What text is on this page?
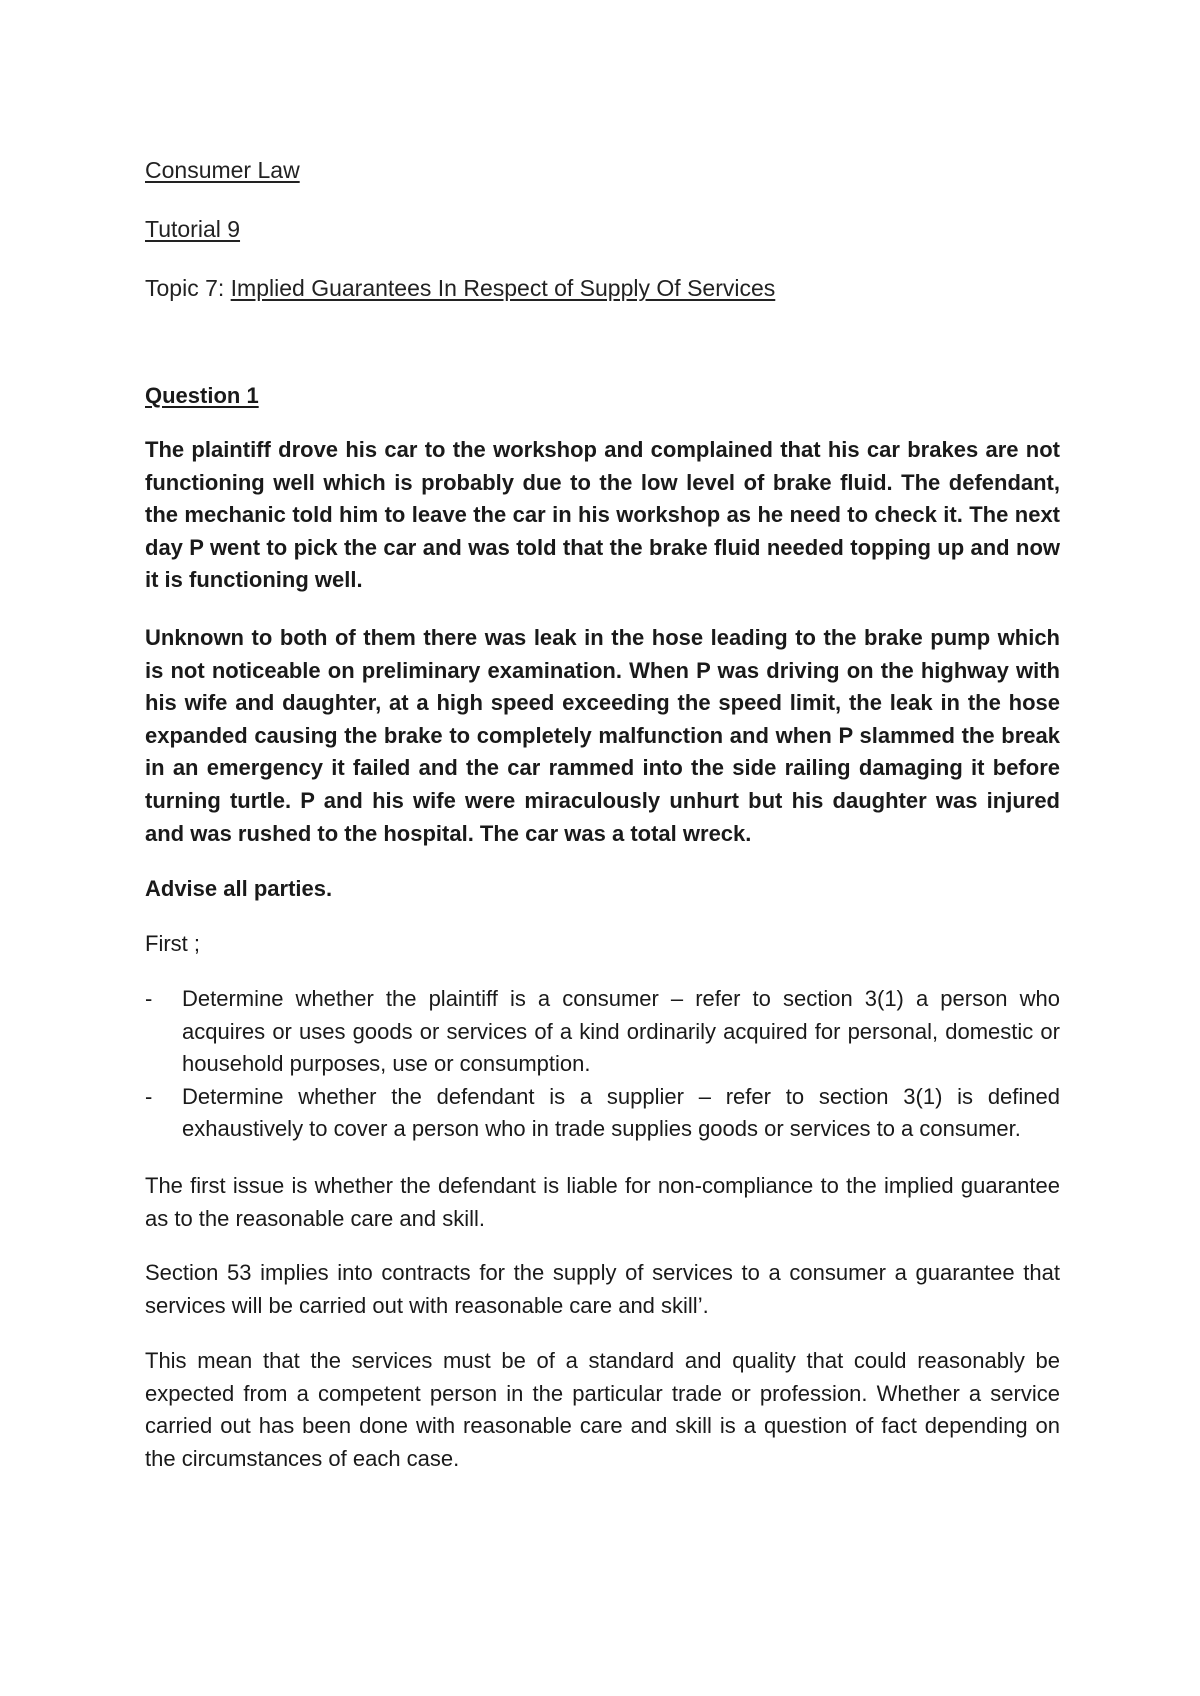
Consumer Law
Tutorial 9
Topic 7: Implied Guarantees In Respect of Supply Of Services
Question 1

The plaintiff drove his car to the workshop and complained that his car brakes are not functioning well which is probably due to the low level of brake fluid. The defendant, the mechanic told him to leave the car in his workshop as he need to check it. The next day P went to pick the car and was told that the brake fluid needed topping up and now it is functioning well.

Unknown to both of them there was leak in the hose leading to the brake pump which is not noticeable on preliminary examination. When P was driving on the highway with his wife and daughter, at a high speed exceeding the speed limit, the leak in the hose expanded causing the brake to completely malfunction and when P slammed the break in an emergency it failed and the car rammed into the side railing damaging it before turning turtle. P and his wife were miraculously unhurt but his daughter was injured and was rushed to the hospital. The car was a total wreck.

Advise all parties.

First ;

- Determine whether the plaintiff is a consumer – refer to section 3(1) a person who acquires or uses goods or services of a kind ordinarily acquired for personal, domestic or household purposes, use or consumption.
- Determine whether the defendant is a supplier – refer to section 3(1) is defined exhaustively to cover a person who in trade supplies goods or services to a consumer.

The first issue is whether the defendant is liable for non-compliance to the implied guarantee as to the reasonable care and skill.

Section 53 implies into contracts for the supply of services to a consumer a guarantee that services will be carried out with reasonable care and skill’.

This mean that the services must be of a standard and quality that could reasonably be expected from a competent person in the particular trade or profession. Whether a service carried out has been done with reasonable care and skill is a question of fact depending on the circumstances of each case.
